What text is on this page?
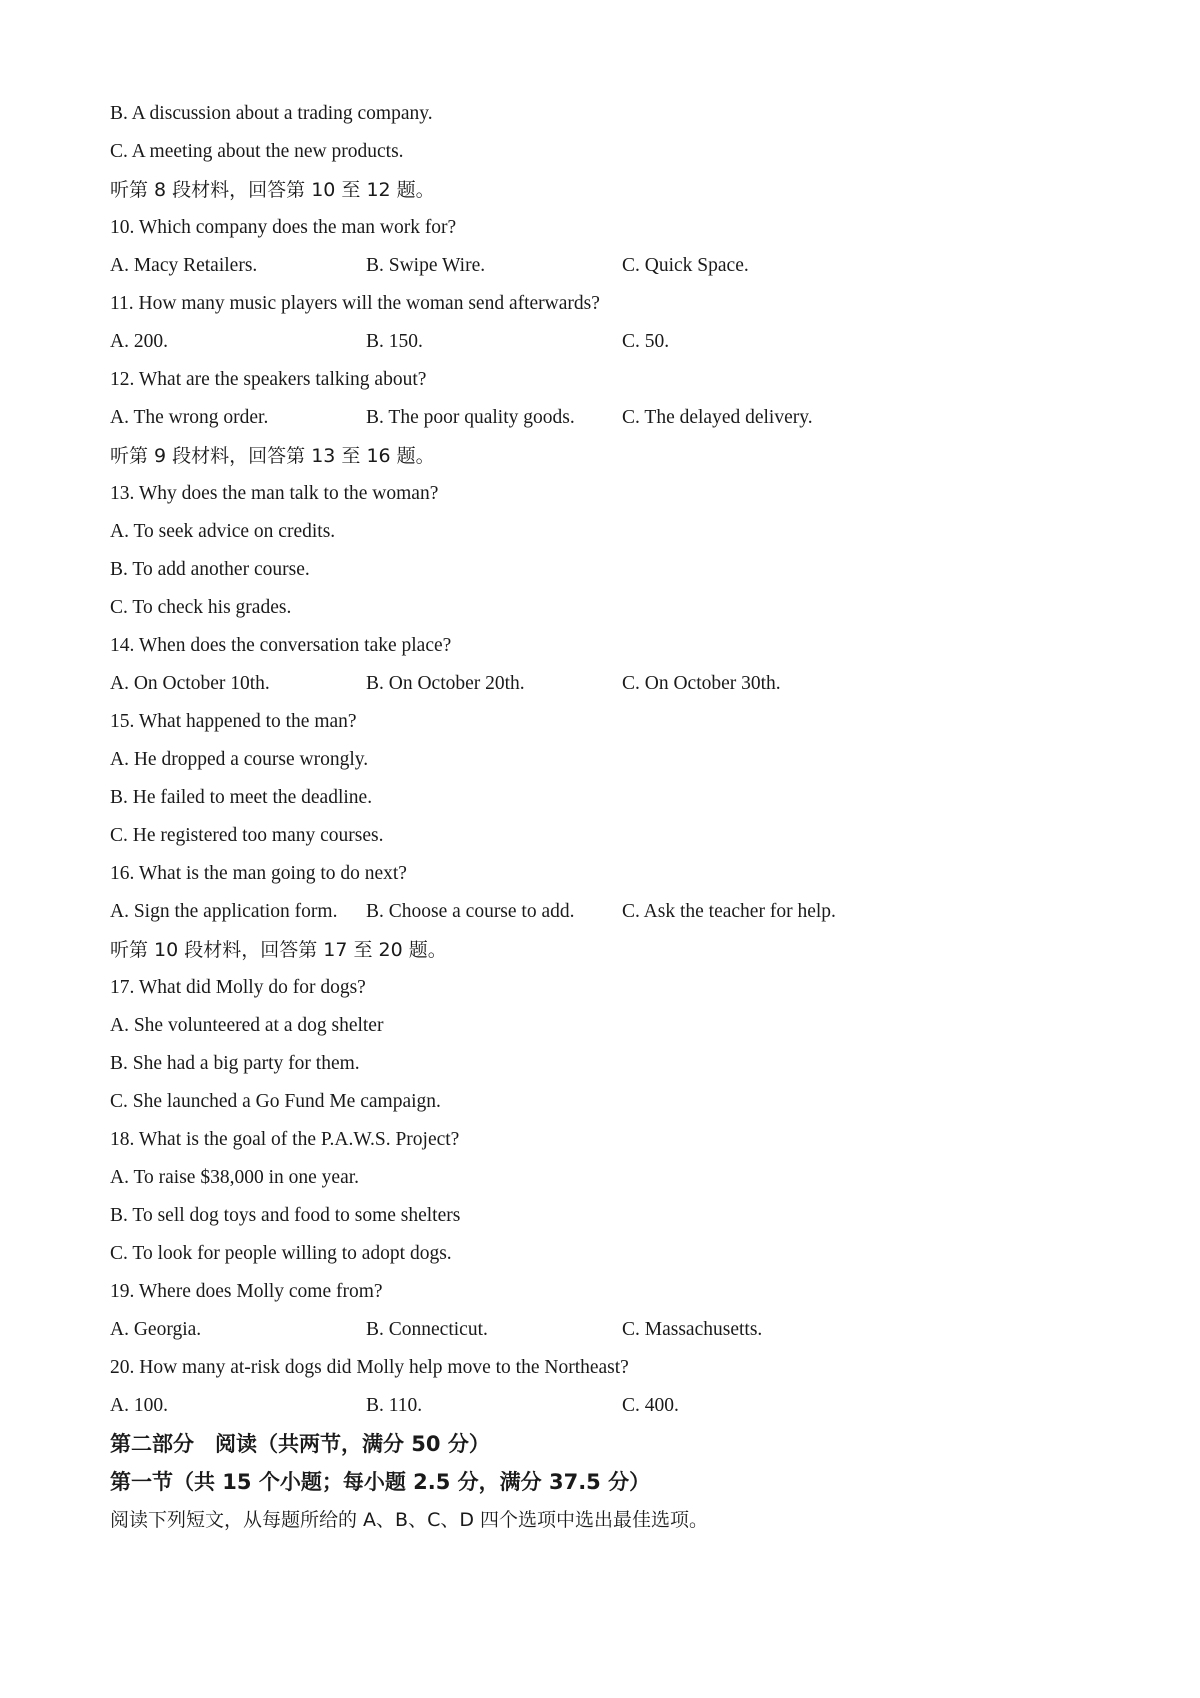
B. A discussion about a trading company.
C. A meeting about the new products.
听第 8 段材料，回答第 10 至 12 题。
10. Which company does the man work for?
A. Macy Retailers.	B. Swipe Wire.	C. Quick Space.
11. How many music players will the woman send afterwards?
A. 200.	B. 150.	C. 50.
12. What are the speakers talking about?
A. The wrong order.	B. The poor quality goods. C. The delayed delivery.
听第 9 段材料，回答第 13 至 16 题。
13. Why does the man talk to the woman?
A. To seek advice on credits.
B. To add another course.
C. To check his grades.
14. When does the conversation take place?
A. On October 10th.	B. On October 20th.	C. On October 30th.
15. What happened to the man?
A. He dropped a course wrongly.
B. He failed to meet the deadline.
C. He registered too many courses.
16. What is the man going to do next?
A. Sign the application form. B. Choose a course to add. C. Ask the teacher for help.
听第 10 段材料，回答第 17 至 20 题。
17. What did Molly do for dogs?
A. She volunteered at a dog shelter
B. She had a big party for them.
C. She launched a Go Fund Me campaign.
18. What is the goal of the P.A.W.S. Project?
A. To raise $38,000 in one year.
B. To sell dog toys and food to some shelters
C. To look for people willing to adopt dogs.
19. Where does Molly come from?
A. Georgia.	B. Connecticut.	C. Massachusetts.
20. How many at-risk dogs did Molly help move to the Northeast?
A. 100.	B. 110.	C. 400.
第二部分　阅读（共两节，满分 50 分）
第一节（共 15 个小题；每小题 2.5 分，满分 37.5 分）
阅读下列短文，从每题所给的 A、B、C、D 四个选项中选出最佳选项。
